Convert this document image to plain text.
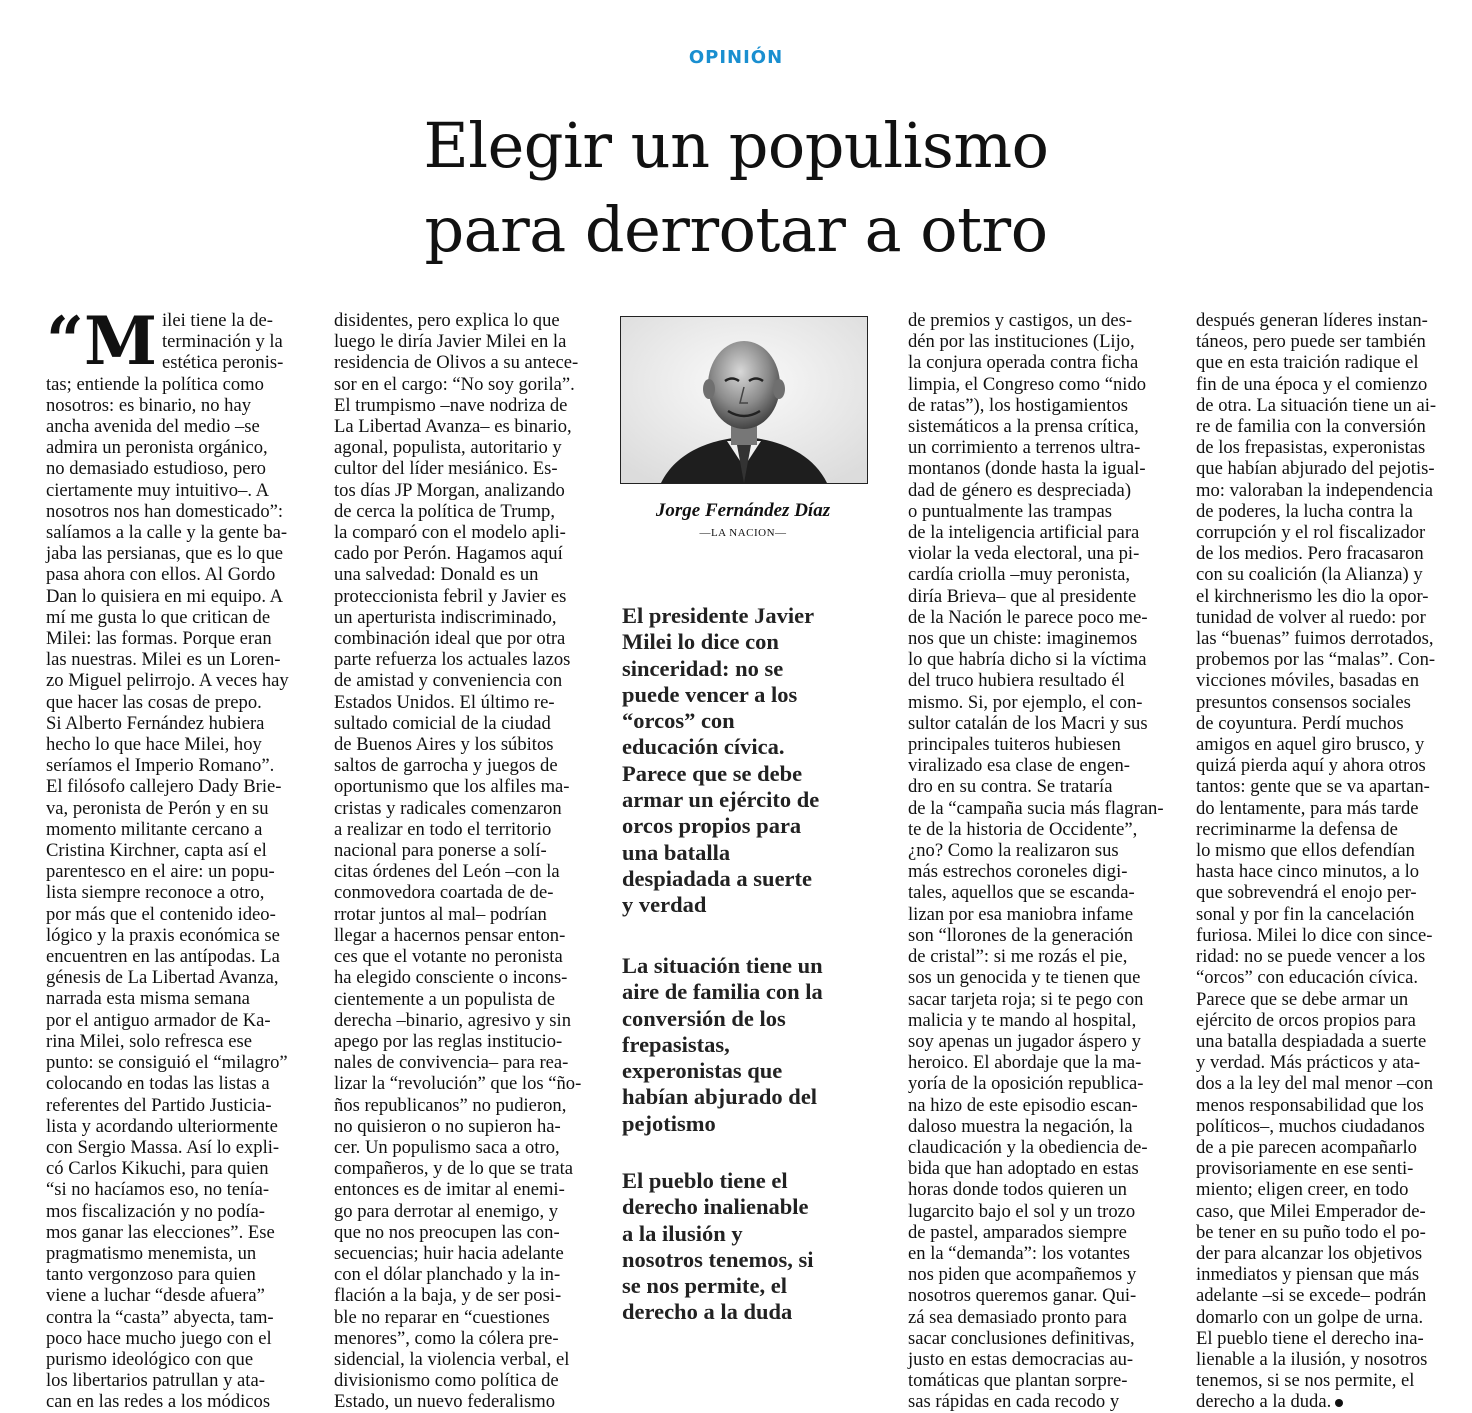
OPINIÓN
Elegir un populismo
para derrotar a otro
“M ilei tiene la de-

terminación y la

estética peronis-

tas; entiende la política como

nosotros: es binario, no hay

ancha avenida del medio –se

admira un peronista orgánico,

no demasiado estudioso, pero

ciertamente muy intuitivo–. A

nosotros nos han domesticado”:

salíamos a la calle y la gente ba-

jaba las persianas, que es lo que

pasa ahora con ellos. Al Gordo

Dan lo quisiera en mi equipo. A

mí me gusta lo que critican de

Milei: las formas. Porque eran

las nuestras. Milei es un Loren-

zo Miguel pelirrojo. A veces hay

que hacer las cosas de prepo.

Si Alberto Fernández hubiera

hecho lo que hace Milei, hoy

seríamos el Imperio Romano”.

El filósofo callejero Dady Brie-

va, peronista de Perón y en su

momento militante cercano a

Cristina Kirchner, capta así el

parentesco en el aire: un popu-

lista siempre reconoce a otro,

por más que el contenido ideo-

lógico y la praxis económica se

encuentren en las antípodas. La

génesis de La Libertad Avanza,

narrada esta misma semana

por el antiguo armador de Ka-

rina Milei, solo refresca ese

punto: se consiguió el “milagro”

colocando en todas las listas a

referentes del Partido Justicia-

lista y acordando ulteriormente

con Sergio Massa. Así lo expli-

có Carlos Kikuchi, para quien

“si no hacíamos eso, no tenía-

mos fiscalización y no podía-

mos ganar las elecciones”. Ese

pragmatismo menemista, un

tanto vergonzoso para quien

viene a luchar “desde afuera”

contra la “casta” abyecta, tam-

poco hace mucho juego con el

purismo ideológico con que

los libertarios patrullan y ata-

can en las redes a los módicos

disidentes, pero explica lo que

luego le diría Javier Milei en la

residencia de Olivos a su antece-

sor en el cargo: “No soy gorila”.

El trumpismo –nave nodriza de

La Libertad Avanza– es binario,

agonal, populista, autoritario y

cultor del líder mesiánico. Es-

tos días JP Morgan, analizando

de cerca la política de Trump,

la comparó con el modelo apli-

cado por Perón. Hagamos aquí

una salvedad: Donald es un

proteccionista febril y Javier es

un aperturista indiscriminado,

combinación ideal que por otra

parte refuerza los actuales lazos

de amistad y conveniencia con

Estados Unidos. El último re-

sultado comicial de la ciudad

de Buenos Aires y los súbitos

saltos de garrocha y juegos de

oportunismo que los alfiles ma-

cristas y radicales comenzaron

a realizar en todo el territorio

nacional para ponerse a solí-

citas órdenes del León –con la

conmovedora coartada de de-

rrotar juntos al mal– podrían

llegar a hacernos pensar enton-

ces que el votante no peronista

ha elegido consciente o incons-

cientemente a un populista de

derecha –binario, agresivo y sin

apego por las reglas institucio-

nales de convivencia– para rea-

lizar la “revolución” que los “ño-

ños republicanos” no pudieron,

no quisieron o no supieron ha-

cer. Un populismo saca a otro,

compañeros, y de lo que se trata

entonces es de imitar al enemi-

go para derrotar al enemigo, y

que no nos preocupen las con-

secuencias; huir hacia adelante

con el dólar planchado y la in-

flación a la baja, y de ser posi-

ble no reparar en “cuestiones

menores”, como la cólera pre-

sidencial, la violencia verbal, el

divisionismo como política de

Estado, un nuevo federalismo

Jorge Fernández Díaz
—LA NACION—

El presidente Javier

Milei lo dice con

sinceridad: no se

puede vencer a los

“orcos” con

educación cívica.

Parece que se debe

armar un ejército de

orcos propios para

una batalla

despiadada a suerte

y verdad

La situación tiene un

aire de familia con la

conversión de los

frepasistas,

experonistas que

habían abjurado del

pejotismo

El pueblo tiene el

derecho inalienable

a la ilusión y

nosotros tenemos, si

se nos permite, el

derecho a la duda

de premios y castigos, un des-

dén por las instituciones (Lijo,

la conjura operada contra ficha

limpia, el Congreso como “nido

de ratas”), los hostigamientos

sistemáticos a la prensa crítica,

un corrimiento a terrenos ultra-

montanos (donde hasta la igual-

dad de género es despreciada)

o puntualmente las trampas

de la inteligencia artificial para

violar la veda electoral, una pi-

cardía criolla –muy peronista,

diría Brieva– que al presidente

de la Nación le parece poco me-

nos que un chiste: imaginemos

lo que habría dicho si la víctima

del truco hubiera resultado él

mismo. Si, por ejemplo, el con-

sultor catalán de los Macri y sus

principales tuiteros hubiesen

viralizado esa clase de engen-

dro en su contra. Se trataría

de la “campaña sucia más flagran-

te de la historia de Occidente”,

¿no? Como la realizaron sus

más estrechos coroneles digi-

tales, aquellos que se escanda-

lizan por esa maniobra infame

son “llorones de la generación

de cristal”: si me rozás el pie,

sos un genocida y te tienen que

sacar tarjeta roja; si te pego con

malicia y te mando al hospital,

soy apenas un jugador áspero y

heroico. El abordaje que la ma-

yoría de la oposición republica-

na hizo de este episodio escan-

daloso muestra la negación, la

claudicación y la obediencia de-

bida que han adoptado en estas

horas donde todos quieren un

lugarcito bajo el sol y un trozo

de pastel, amparados siempre

en la “demanda”: los votantes

nos piden que acompañemos y

nosotros queremos ganar. Qui-

zá sea demasiado pronto para

sacar conclusiones definitivas,

justo en estas democracias au-

tomáticas que plantan sorpre-

sas rápidas en cada recodo y

después generan líderes instan-

táneos, pero puede ser también

que en esta traición radique el

fin de una época y el comienzo

de otra. La situación tiene un ai-

re de familia con la conversión

de los frepasistas, experonistas

que habían abjurado del pejotis-

mo: valoraban la independencia

de poderes, la lucha contra la

corrupción y el rol fiscalizador

de los medios. Pero fracasaron

con su coalición (la Alianza) y

el kirchnerismo les dio la opor-

tunidad de volver al ruedo: por

las “buenas” fuimos derrotados,

probemos por las “malas”. Con-

vicciones móviles, basadas en

presuntos consensos sociales

de coyuntura. Perdí muchos

amigos en aquel giro brusco, y

quizá pierda aquí y ahora otros

tantos: gente que se va apartan-

do lentamente, para más tarde

recriminarme la defensa de

lo mismo que ellos defendían

hasta hace cinco minutos, a lo

que sobrevendrá el enojo per-

sonal y por fin la cancelación

furiosa. Milei lo dice con since-

ridad: no se puede vencer a los

“orcos” con educación cívica.

Parece que se debe armar un

ejército de orcos propios para

una batalla despiadada a suerte

y verdad. Más prácticos y ata-

dos a la ley del mal menor –con

menos responsabilidad que los

políticos–, muchos ciudadanos

de a pie parecen acompañarlo

provisoriamente en ese senti-

miento; eligen creer, en todo

caso, que Milei Emperador de-

be tener en su puño todo el po-

der para alcanzar los objetivos

inmediatos y piensan que más

adelante –si se excede– podrán

domarlo con un golpe de urna.

El pueblo tiene el derecho ina-

lienable a la ilusión, y nosotros

tenemos, si se nos permite, el

derecho a la duda.
